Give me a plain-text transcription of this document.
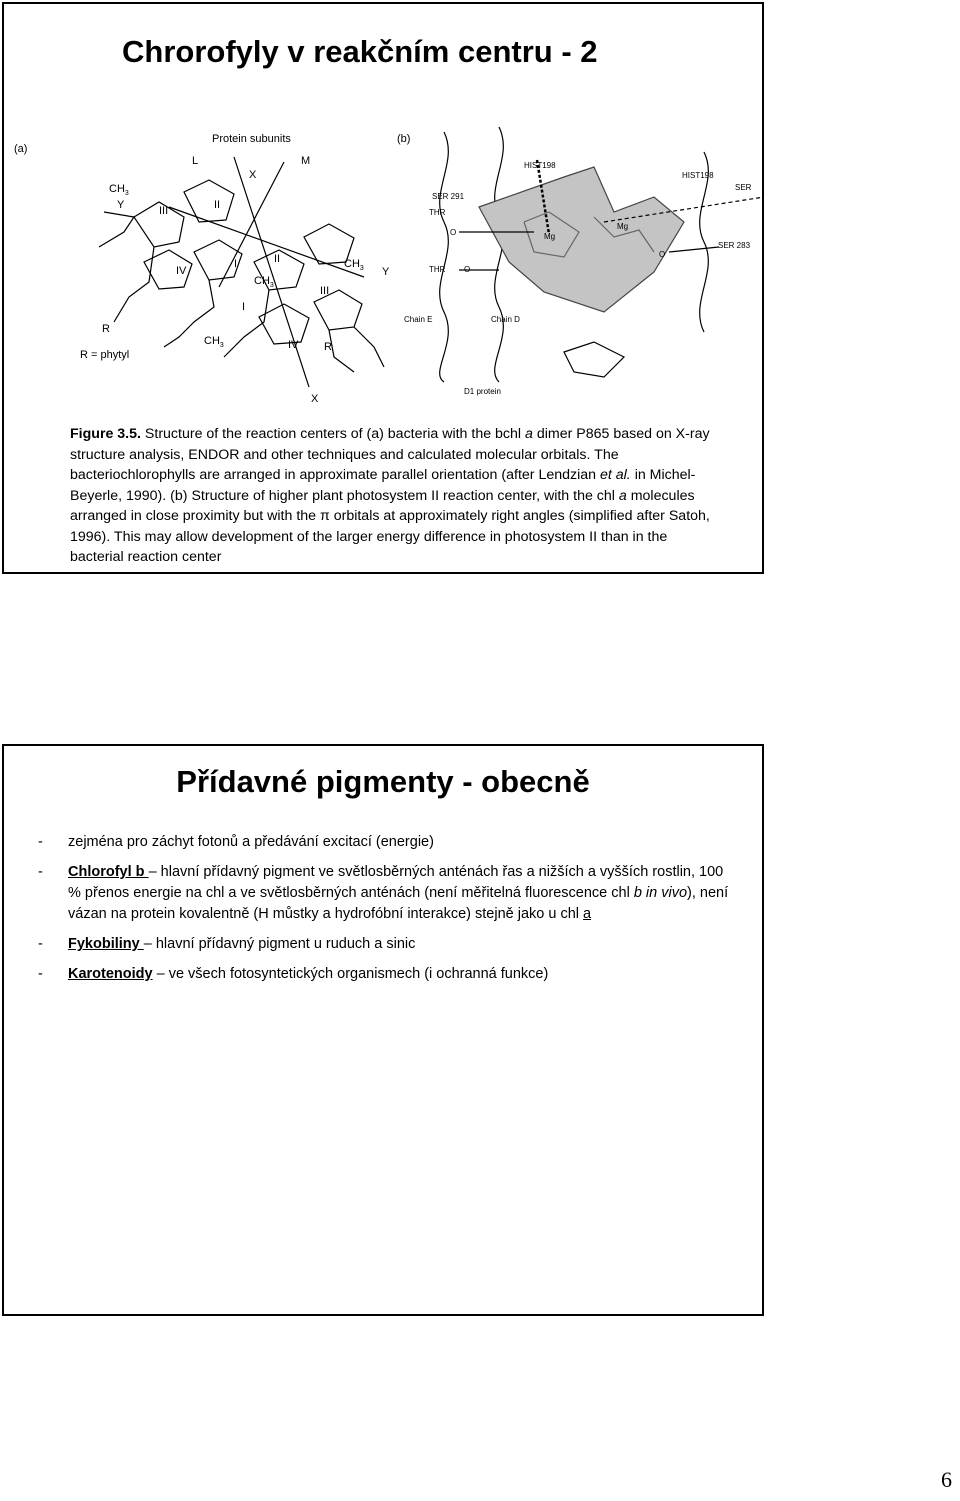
Chrorofyly v reakčním centru - 2
(a)
(b)
Protein subunits
L	M
X
$CH_3$
Y	III	II
IV
I	II
$CH_3$
$CH_3$ Y
III
I
R
$CH_3$	IV R
R = phytyl
X
SER 291
THR
O
HIST198
HIST198
SER
SER 283
Mg
Mg
O
THR O
Chain E	Chain D
D1 protein
Figure 3.5. Structure of the reaction centers of (a) bacteria with the bchl a dimer P865 based on X-ray structure analysis, ENDOR and other techniques and calculated molecular orbitals. The bacteriochlorophylls are arranged in approximate parallel orientation (after Lendzian et al. in Michel-Beyerle, 1990). (b) Structure of higher plant photosystem II reaction center, with the chl a molecules arranged in close proximity but with the π orbitals at approximately right angles (simplified after Satoh, 1996). This may allow development of the larger energy difference in photosystem II than in the bacterial reaction center
Přídavné pigmenty - obecně
- zejména pro záchyt fotonů a předávání excitací (energie)
- Chlorofyl b – hlavní přídavný pigment ve světlosběrných anténách řas a nižších a vyšších rostlin, 100 % přenos energie na chl a ve světlosběrných anténách (není měřitelná fluorescence chl b in vivo), není vázan na protein kovalentně (H můstky a hydrofóbní interakce) stejně jako u chl a
- Fykobiliny – hlavní přídavný pigment u ruduch a sinic
- Karotenoidy – ve všech fotosyntetických organismech (i ochranná funkce)
6
